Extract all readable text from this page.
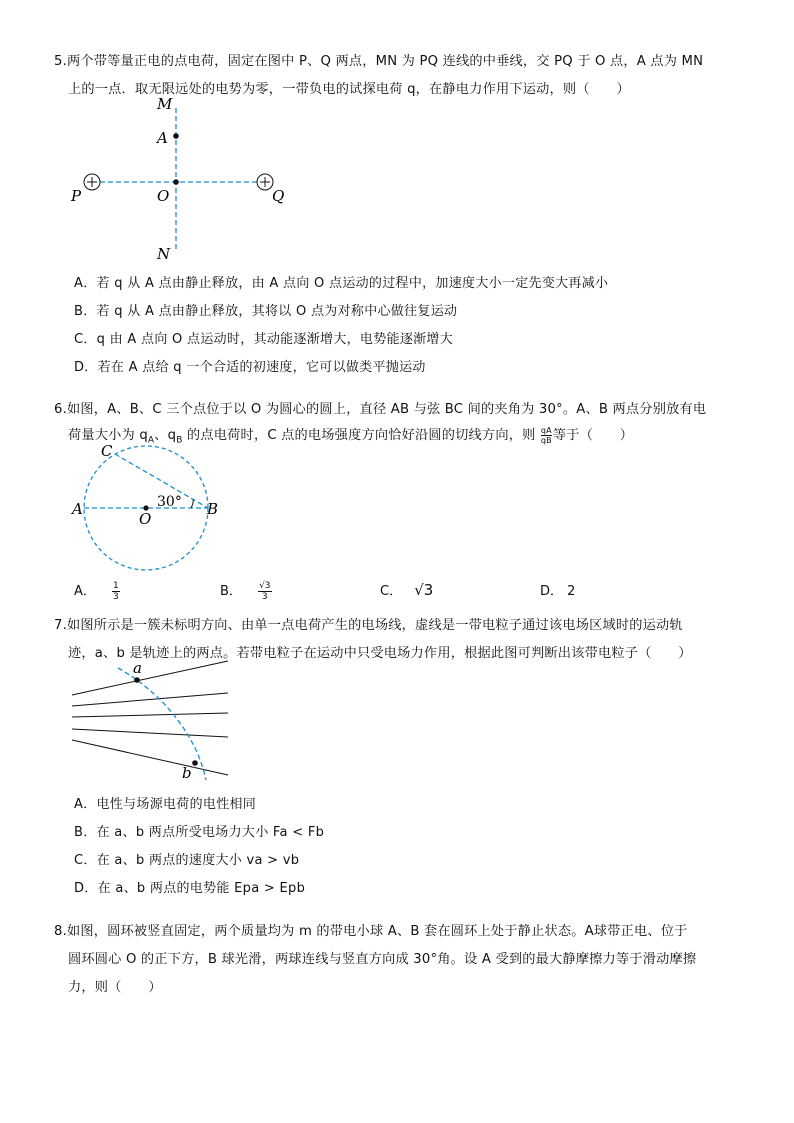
5.两个带等量正电的点电荷，固定在图中 P、Q 两点，MN 为 PQ 连线的中垂线，交 PQ 于 O 点，A 点为 MN
上的一点．取无限远处的电势为零，一带负电的试探电荷 q，在静电力作用下运动，则（　　）
M
A
O
N
P	Q
A．若 q 从 A 点由静止释放，由 A 点向 O 点运动的过程中，加速度大小一定先变大再减小
B．若 q 从 A 点由静止释放，其将以 O 点为对称中心做往复运动
C．q 由 A 点向 O 点运动时，其动能逐渐增大，电势能逐渐增大
D．若在 A 点给 q 一个合适的初速度，它可以做类平抛运动
6.如图，A、B、C 三个点位于以 O 为圆心的圆上，直径 AB 与弦 BC 间的夹角为 30°。A、B 两点分别放有电
荷量大小为 $q_A$、$q_B$ 的点电荷时，C 点的电场强度方向恰好沿圆的切线方向，则 $\frac{qA}{qB}$ 等于（　　）
C
A
O
B
30°
A． $\frac{1}{3}$	B． $\frac{√3}{3}$	C． √3	D． 2
7.如图所示是一簇未标明方向、由单一点电荷产生的电场线，虚线是一带电粒子通过该电场区域时的运动轨
迹，a、b 是轨迹上的两点。若带电粒子在运动中只受电场力作用，根据此图可判断出该带电粒子（　　）
a
b
A．电性与场源电荷的电性相同
B．在 a、b 两点所受电场力大小 Fa < Fb
C．在 a、b 两点的速度大小 va > vb
D．在 a、b 两点的电势能 Epa > Epb
8.如图，圆环被竖直固定，两个质量均为 m 的带电小球 A、B 套在圆环上处于静止状态。A球带正电、位于
圆环圆心 O 的正下方，B 球光滑，两球连线与竖直方向成 30°角。设 A 受到的最大静摩擦力等于滑动摩擦
力，则（　　）
